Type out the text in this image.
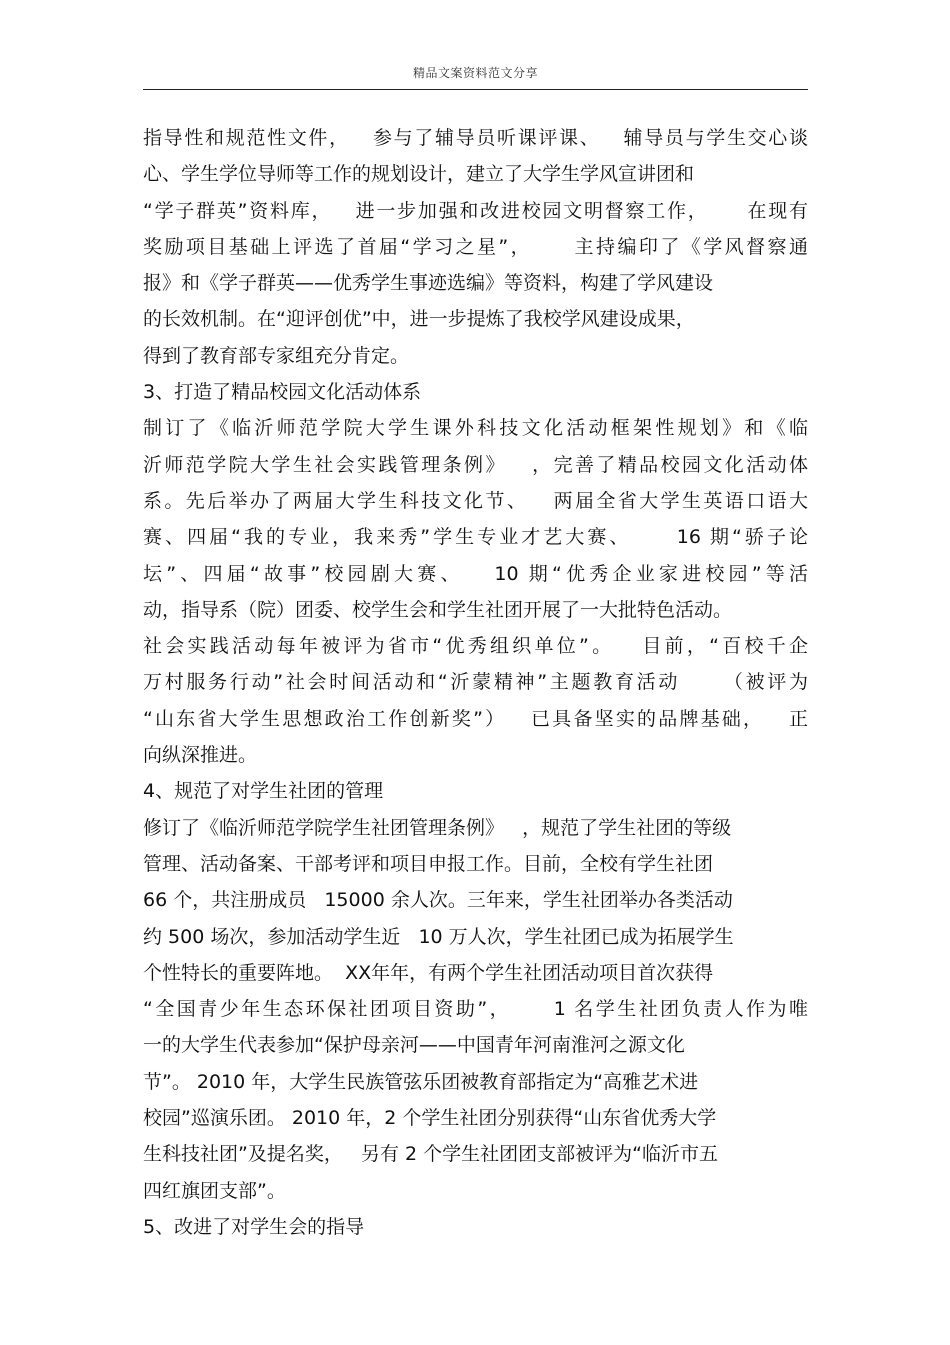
精品文案资料范文分享
指导性和规范性文件，   参与了辅导员听课评课、   辅导员与学生交心谈
心、学生学位导师等工作的规划设计，建立了大学生学风宣讲团和
“学子群英”资料库，   进一步加强和改进校园文明督察工作，     在现有
奖励项目基础上评选了首届“学习之星”，     主持编印了《学风督察通
报》和《学子群英——优秀学生事迹选编》等资料，构建了学风建设
的长效机制。在“迎评创优”中，进一步提炼了我校学风建设成果，
得到了教育部专家组充分肯定。
3、打造了精品校园文化活动体系
制订了《临沂师范学院大学生课外科技文化活动框架性规划》和《临
沂师范学院大学生社会实践管理条例》   ，完善了精品校园文化活动体
系。先后举办了两届大学生科技文化节、   两届全省大学生英语口语大
赛、四届“我的专业，我来秀”学生专业才艺大赛、     16 期“骄子论
坛”、四届“故事”校园剧大赛、   10 期“优秀企业家进校园”等活
动，指导系（院）团委、校学生会和学生社团开展了一大批特色活动。
社会实践活动每年被评为省市“优秀组织单位”。   目前，“百校千企
万村服务行动”社会时间活动和“沂蒙精神”主题教育活动     （被评为
“山东省大学生思想政治工作创新奖”）   已具备坚实的品牌基础，   正
向纵深推进。
4、规范了对学生社团的管理
修订了《临沂师范学院学生社团管理条例》   ，规范了学生社团的等级
管理、活动备案、干部考评和项目申报工作。目前，全校有学生社团
66 个，共注册成员   15000 余人次。三年来，学生社团举办各类活动
约 500 场次，参加活动学生近   10 万人次，学生社团已成为拓展学生
个性特长的重要阵地。  XX年年，有两个学生社团活动项目首次获得
“全国青少年生态环保社团项目资助”，     1 名学生社团负责人作为唯
一的大学生代表参加“保护母亲河——中国青年河南淮河之源文化
节”。 2010 年，大学生民族管弦乐团被教育部指定为“高雅艺术进
校园”巡演乐团。 2010 年，2 个学生社团分别获得“山东省优秀大学
生科技社团”及提名奖，   另有 2 个学生社团团支部被评为“临沂市五
四红旗团支部”。
5、改进了对学生会的指导
